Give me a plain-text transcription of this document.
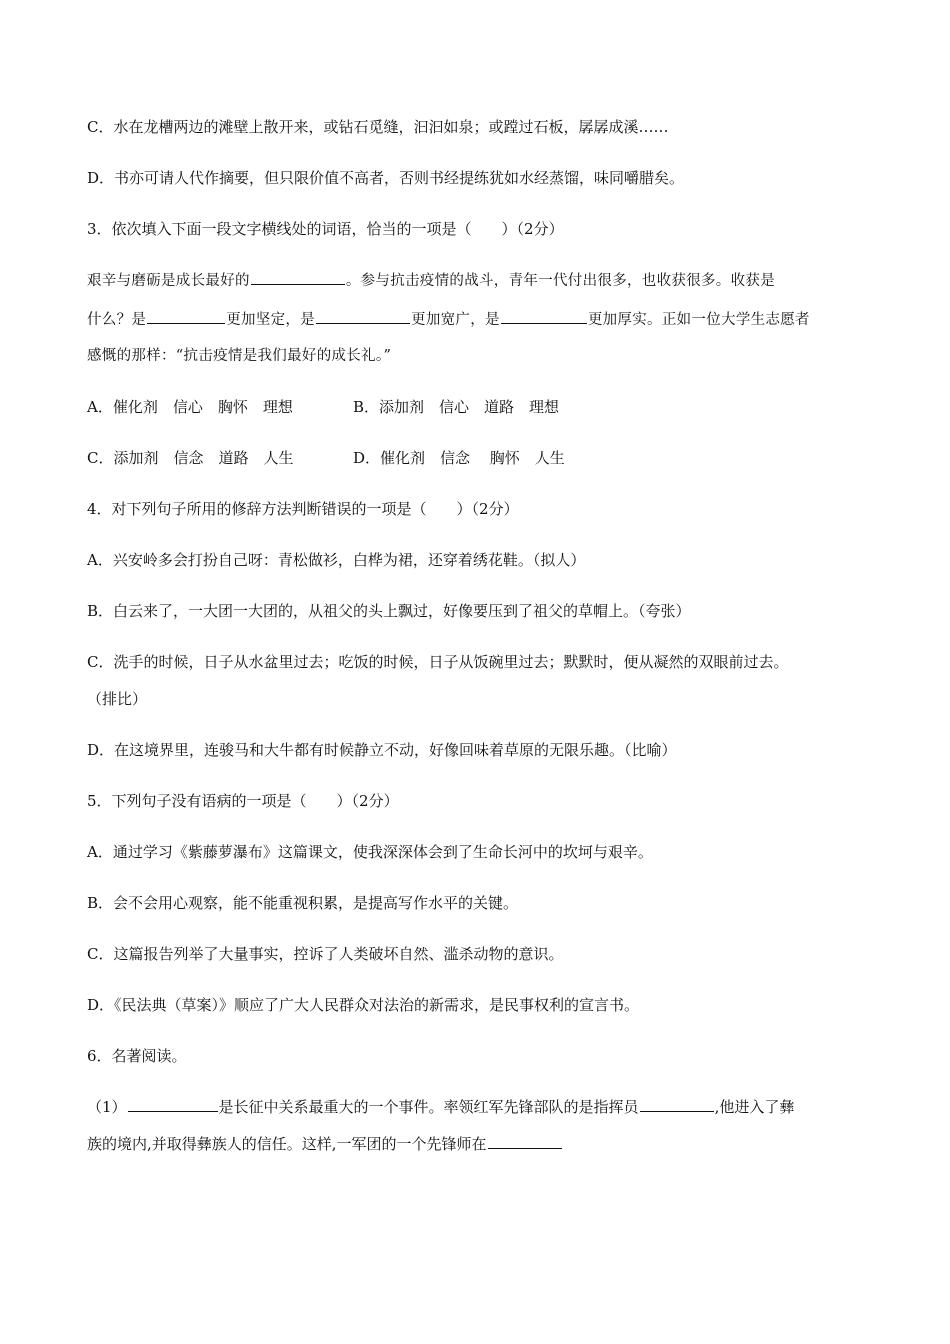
C．水在龙槽两边的滩壁上散开来，或钻石觅缝，汩汩如泉；或蹚过石板，孱孱成溪……
D．书亦可请人代作摘要，但只限价值不高者，否则书经提练犹如水经蒸馏，味同嚼腊矣。
3．依次填入下面一段文字横线处的词语，恰当的一项是（　　）（2分）
艰辛与磨砺是成长最好的	。参与抗击疫情的战斗，青年一代付出很多，也收获很多。收获是
什么？是	更加坚定，是	更加宽广，是	更加厚实。正如一位大学生志愿者
感慨的那样：“抗击疫情是我们最好的成长礼。”
A．催化剂　信心　胸怀　理想	B．添加剂　信心　道路　理想
C．添加剂　信念　道路　人生	D．催化剂　信念　 胸怀　人生
4．对下列句子所用的修辞方法判断错误的一项是（　　）（2分）
A．兴安岭多会打扮自己呀：青松做衫，白桦为裙，还穿着绣花鞋。（拟人）
B．白云来了，一大团一大团的，从祖父的头上飘过，好像要压到了祖父的草帽上。（夸张）
C．洗手的时候，日子从水盆里过去；吃饭的时候，日子从饭碗里过去；默默时，便从凝然的双眼前过去。
（排比）
D．在这境界里，连骏马和大牛都有时候静立不动，好像回味着草原的无限乐趣。（比喻）
5．下列句子没有语病的一项是（　　）（2分）
A．通过学习《紫藤萝瀑布》这篇课文，使我深深体会到了生命长河中的坎坷与艰辛。
B．会不会用心观察，能不能重视积累，是提高写作水平的关键。
C．这篇报告列举了大量事实，控诉了人类破坏自然、滥杀动物的意识。
D．《民法典（草案）》顺应了广大人民群众对法治的新需求，是民事权利的宣言书。
6．名著阅读。
（1）	是长征中关系最重大的一个事件。率领红军先锋部队的是指挥员	,他进入了彝
族的境内,并取得彝族人的信任。这样,一军团的一个先锋师在
